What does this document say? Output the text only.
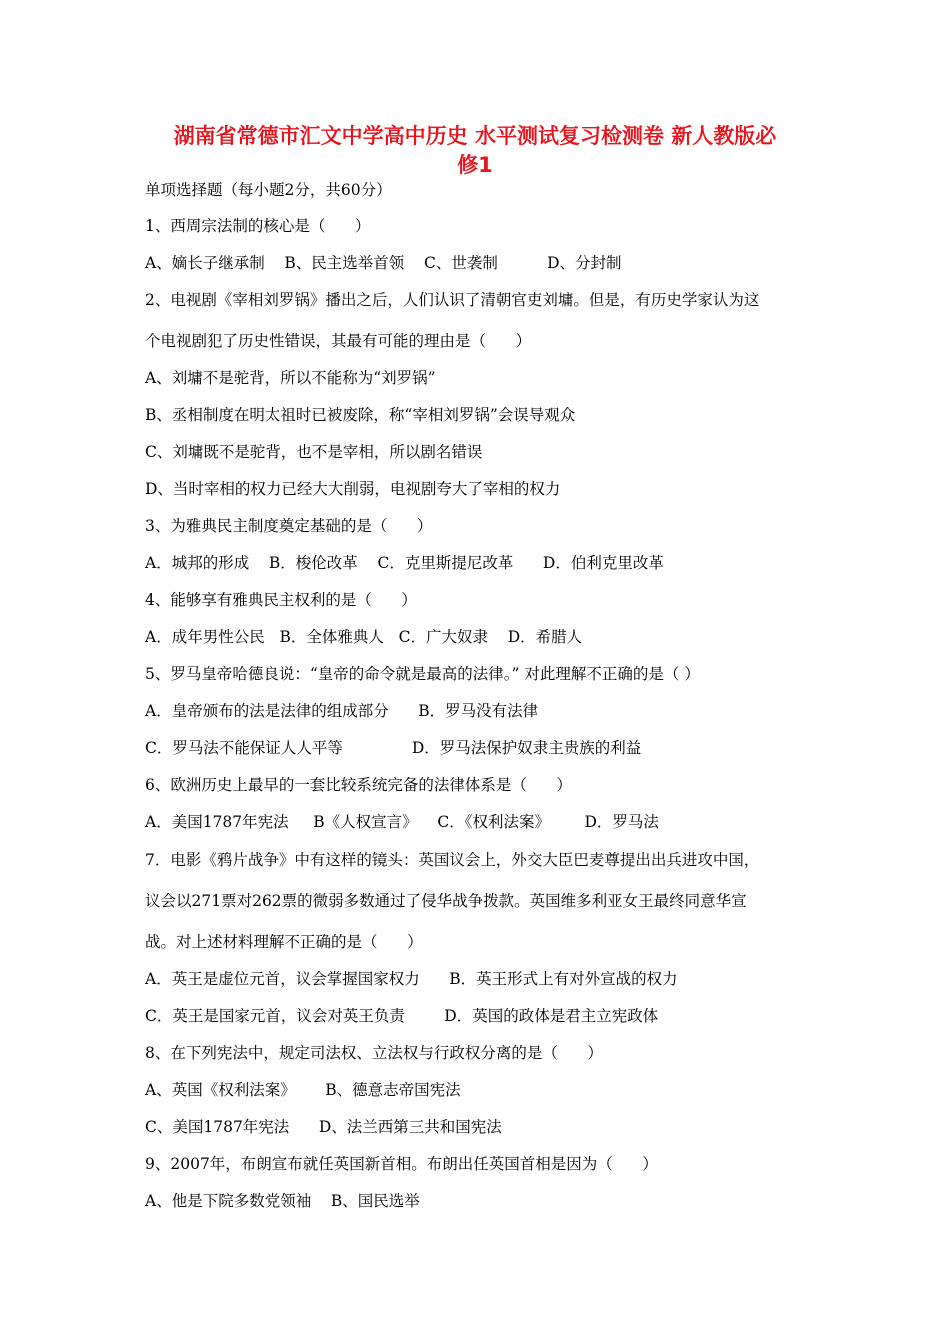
湖南省常德市汇文中学高中历史 水平测试复习检测卷 新人教版必
修1
单项选择题（每小题2分，共60分）
1、西周宗法制的核心是（      ）
A、嫡长子继承制    B、民主选举首领    C、世袭制          D、分封制
2、电视剧《宰相刘罗锅》播出之后，人们认识了清朝官吏刘墉。但是，有历史学家认为这
个电视剧犯了历史性错误，其最有可能的理由是（      ）
A、刘墉不是驼背，所以不能称为“刘罗锅”
B、丞相制度在明太祖时已被废除，称“宰相刘罗锅”会误导观众
C、刘墉既不是驼背，也不是宰相，所以剧名错误
D、当时宰相的权力已经大大削弱，电视剧夸大了宰相的权力
3、为雅典民主制度奠定基础的是（      ）
A．城邦的形成    B．梭伦改革    C．克里斯提尼改革      D．伯利克里改革
4、能够享有雅典民主权利的是（      ）
A．成年男性公民   B．全体雅典人   C．广大奴隶    D．希腊人
5、罗马皇帝哈德良说：“皇帝的命令就是最高的法律。” 对此理解不正确的是（ ）
A．皇帝颁布的法是法律的组成部分      B．罗马没有法律
C．罗马法不能保证人人平等              D．罗马法保护奴隶主贵族的利益
6、欧洲历史上最早的一套比较系统完备的法律体系是（      ）
A．美国1787年宪法     B《人权宣言》    C．《权利法案》       D．罗马法
7．电影《鸦片战争》中有这样的镜头：英国议会上，外交大臣巴麦尊提出出兵进攻中国，
议会以271票对262票的微弱多数通过了侵华战争拨款。英国维多利亚女王最终同意华宣
战。对上述材料理解不正确的是（      ）
A．英王是虚位元首，议会掌握国家权力      B．英王形式上有对外宣战的权力
C．英王是国家元首，议会对英王负责        D．英国的政体是君主立宪政体
8、在下列宪法中，规定司法权、立法权与行政权分离的是（      ）
A、英国《权利法案》      B、德意志帝国宪法
C、美国1787年宪法      D、法兰西第三共和国宪法
9、2007年，布朗宣布就任英国新首相。布朗出任英国首相是因为（      ）
A、他是下院多数党领袖    B、国民选举
